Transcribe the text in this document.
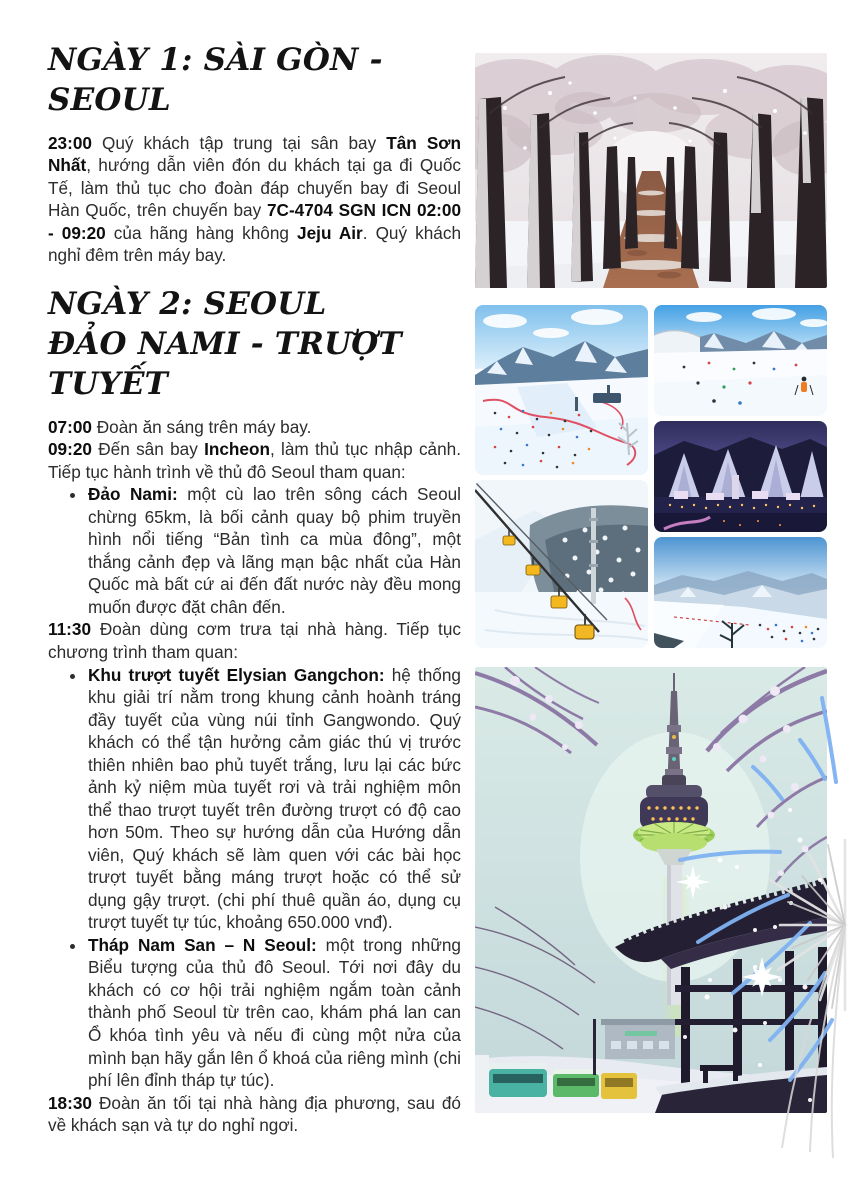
NGÀY 1: SÀI GÒN - SEOUL

23:00 Quý khách tập trung tại sân bay Tân Sơn Nhất, hướng dẫn viên đón du khách tại ga đi Quốc Tế, làm thủ tục cho đoàn đáp chuyến bay đi Seoul Hàn Quốc, trên chuyến bay 7C-4704 SGN ICN 02:00 - 09:20 của hãng hàng không Jeju Air. Quý khách nghỉ đêm trên máy bay.

NGÀY 2: SEOUL
ĐẢO NAMI - TRƯỢT TUYẾT

07:00 Đoàn ăn sáng trên máy bay.

09:20 Đến sân bay Incheon, làm thủ tục nhập cảnh. Tiếp tục hành trình về thủ đô Seoul tham quan:

• Đảo Nami: một cù lao trên sông cách Seoul chừng 65km, là bối cảnh quay bộ phim truyền hình nổi tiếng “Bản tình ca mùa đông”, một thắng cảnh đẹp và lãng mạn bậc nhất của Hàn Quốc mà bất cứ ai đến đất nước này đều mong muốn được đặt chân đến.

11:30 Đoàn dùng cơm trưa tại nhà hàng. Tiếp tục chương trình tham quan:

• Khu trượt tuyết Elysian Gangchon: hệ thống khu giải trí nằm trong khung cảnh hoành tráng đầy tuyết của vùng núi tỉnh Gangwondo. Quý khách có thể tận hưởng cảm giác thú vị trước thiên nhiên bao phủ tuyết trắng, lưu lại các bức ảnh kỷ niệm mùa tuyết rơi và trải nghiệm môn thể thao trượt tuyết trên đường trượt có độ cao hơn 50m. Theo sự hướng dẫn của Hướng dẫn viên, Quý khách sẽ làm quen với các bài học trượt tuyết bằng máng trượt hoặc có thể sử dụng gậy trượt. (chi phí thuê quần áo, dụng cụ trượt tuyết tự túc, khoảng 650.000 vnđ).
• Tháp Nam San – N Seoul: một trong những Biểu tượng của thủ đô Seoul. Tới nơi đây du khách có cơ hội trải nghiệm ngắm toàn cảnh thành phố Seoul từ trên cao, khám phá lan can Ổ khóa tình yêu và nếu đi cùng một nửa của mình bạn hãy gắn lên ổ khoá của riêng mình (chi phí lên đỉnh tháp tự túc).

18:30 Đoàn ăn tối tại nhà hàng địa phương, sau đó về khách sạn và tự do nghỉ ngơi.
